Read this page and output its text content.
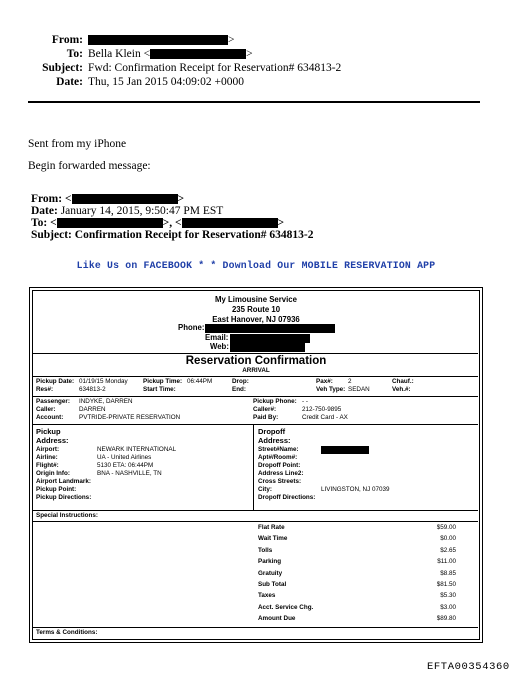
From:	>
To: Bella Klein <	>
Subject: Fwd: Confirmation Receipt for Reservation# 634813-2
Date: Thu, 15 Jan 2015 04:09:02 +0000
Sent from my iPhone
Begin forwarded message:
From: <	>
Date: January 14, 2015, 9:50:47 PM EST
To: <	>, <	>
Subject: Confirmation Receipt for Reservation# 634813-2
Like Us on FACEBOOK * * Download Our MOBILE RESERVATION APP
My Limousine Service
235 Route 10
East Hanover, NJ 07936
Phone:
Email:
Web:
Reservation Confirmation
ARRIVAL
Pickup Date: 01/19/15 Monday Pickup Time: 06:44PM	Drop:	Pax#: 2	Chauf.:
Res#:	634813-2	Start Time:	End:	Veh Type: SEDAN	Veh.#:
Passenger: INDYKE, DARREN	Pickup Phone: - -
Caller:	DARREN	Caller#:	212-750-9895
Account: PVTRIDE-PRIVATE RESERVATION	Paid By:	Credit Card - AX
Pickup
Address:
Dropoff
Address:
Airport:	NEWARK INTERNATIONAL
Airline:	UA - United Airlines
Flight#:	5130 ETA: 06:44PM
Origin Info:	BNA - NASHVILLE, TN
Airport Landmark:
Pickup Point:
Pickup Directions:
Street#Name:
Apt#/Room#:
Dropoff Point:
Address Line2:
Cross Streets:
City:	LIVINGSTON, NJ 07039
Dropoff Directions:
Special Instructions:
Flat Rate	$59.00
Wait Time	$0.00
Tolls	$2.65
Parking	$11.00
Gratuity	$8.85
Sub Total	$81.50
Taxes	$5.30
Acct. Service Chg.	$3.00
Amount Due	$89.80
Terms & Conditions:
EFTA00354360
